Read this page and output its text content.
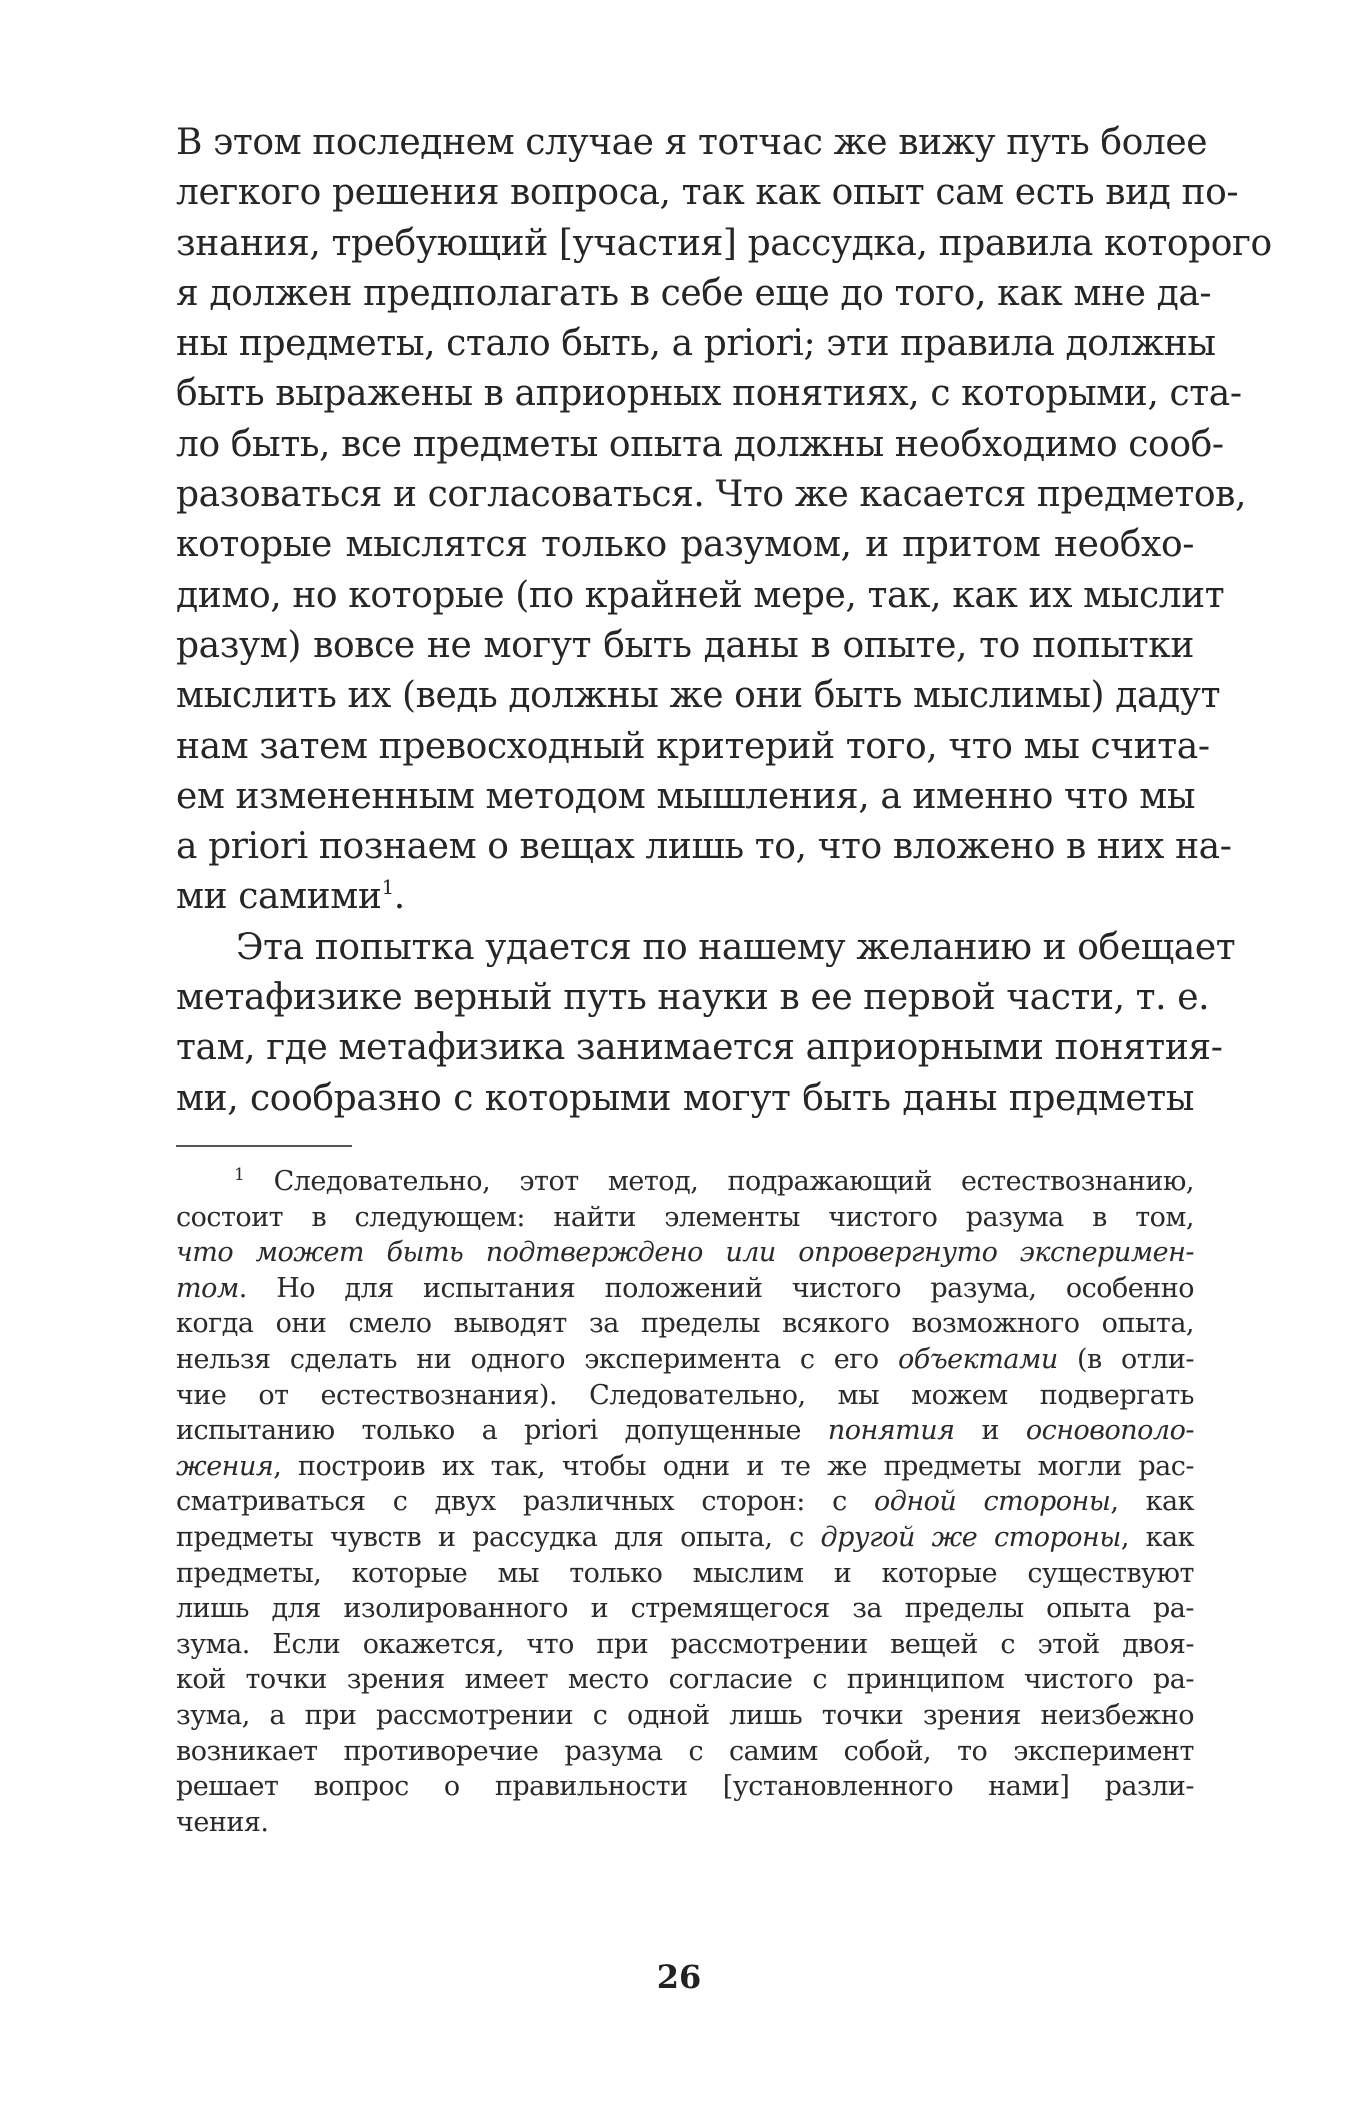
В этом последнем случае я тотчас же вижу путь более
легкого решения вопроса, так как опыт сам есть вид по-
знания, требующий [участия] рассудка, правила которого
я должен предполагать в себе еще до того, как мне да-
ны предметы, стало быть, a priori; эти правила должны
быть выражены в априорных понятиях, с которыми, ста-
ло быть, все предметы опыта должны необходимо сооб-
разоваться и согласоваться. Что же касается предметов,
которые мыслятся только разумом, и притом необхо-
димо, но которые (по крайней мере, так, как их мыслит
разум) вовсе не могут быть даны в опыте, то попытки
мыслить их (ведь должны же они быть мыслимы) дадут
нам затем превосходный критерий того, что мы счита-
ем измененным методом мышления, а именно что мы
a priori познаем о вещах лишь то, что вложено в них на-
ми самими$^1$.

Эта попытка удается по нашему желанию и обещает
метафизике верный путь науки в ее первой части, т. е.
там, где метафизика занимается априорными понятия-
ми, сообразно с которыми могут быть даны предметы

$^1$ Следовательно, этот метод, подражающий естествознанию,
состоит в следующем: найти элементы чистого разума в том,
что может быть подтверждено или опровергнуто эксперимен-
том. Но для испытания положений чистого разума, особенно
когда они смело выводят за пределы всякого возможного опыта,
нельзя сделать ни одного эксперимента с его объектами (в отли-
чие от естествознания). Следовательно, мы можем подвергать
испытанию только a priori допущенные понятия и основополо-
жения, построив их так, чтобы одни и те же предметы могли рас-
сматриваться с двух различных сторон: с одной стороны, как
предметы чувств и рассудка для опыта, с другой же стороны, как
предметы, которые мы только мыслим и которые существуют
лишь для изолированного и стремящегося за пределы опыта ра-
зума. Если окажется, что при рассмотрении вещей с этой двоя-
кой точки зрения имеет место согласие с принципом чистого ра-
зума, а при рассмотрении с одной лишь точки зрения неизбежно
возникает противоречие разума с самим собой, то эксперимент
решает вопрос о правильности [установленного нами] разли-
чения.
26
